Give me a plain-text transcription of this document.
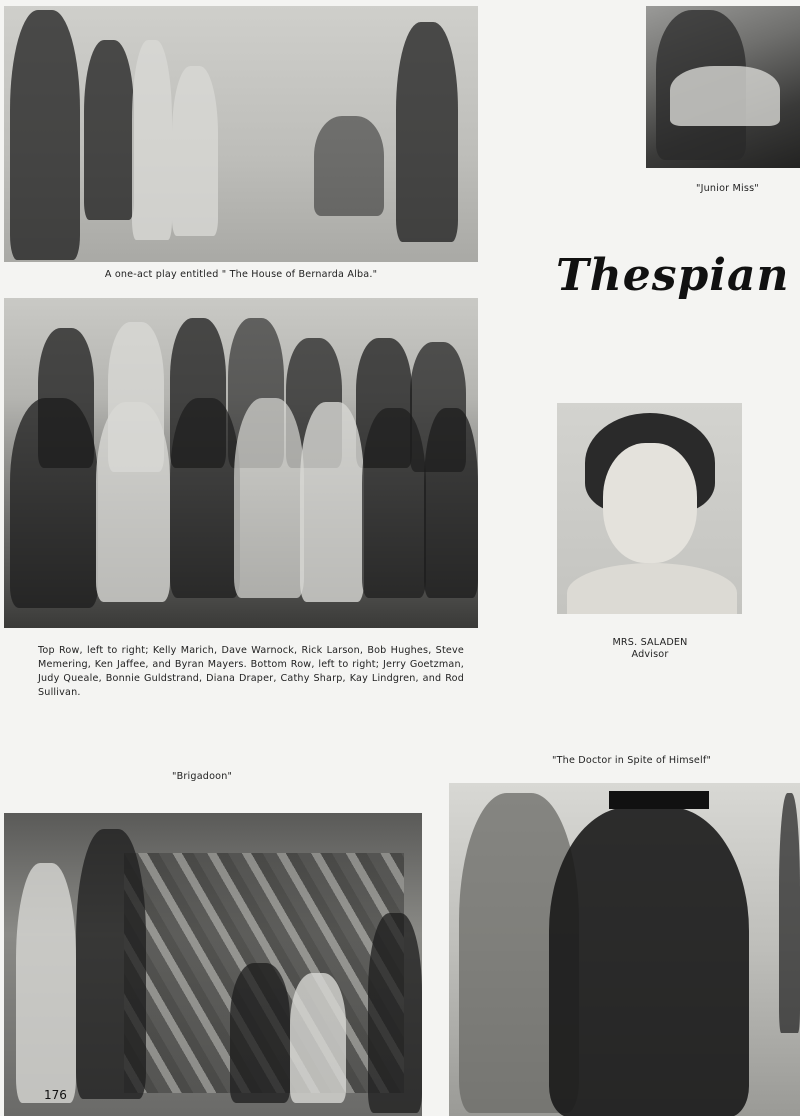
A one-act play entitled " The House of Bernarda Alba."
"Junior Miss"
Thespian
Top Row, left to right; Kelly Marich, Dave Warnock, Rick Larson, Bob Hughes, Steve Memering, Ken Jaffee, and Byran Mayers. Bottom Row, left to right; Jerry Goetzman, Judy Queale, Bonnie Guldstrand, Diana Draper, Cathy Sharp, Kay Lindgren, and Rod Sullivan.
MRS. SALADEN
Advisor
"Brigadoon"
"The Doctor in Spite of Himself"
176
